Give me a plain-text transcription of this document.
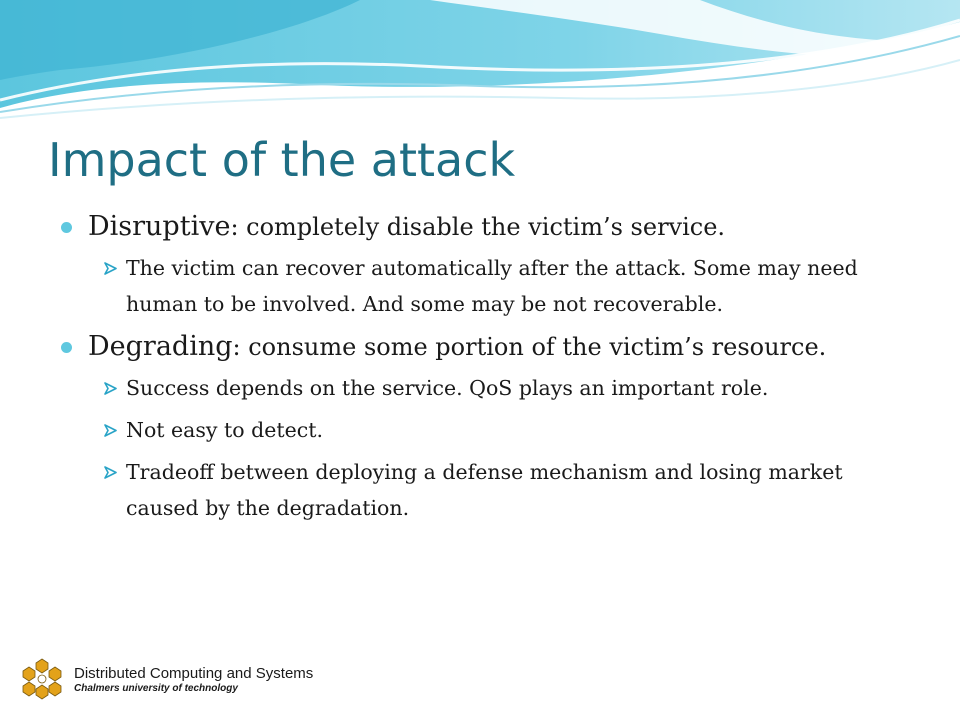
Impact of the attack
Disruptive: completely disable the victim’s service.
The victim can recover automatically after the attack. Some may need human to be involved. And some may be not recoverable.
Degrading: consume some portion of the victim’s resource.
Success depends on the service. QoS plays an important role.
Not easy to detect.
Tradeoff between deploying a defense mechanism and losing market caused by the degradation.

Distributed Computing and Systems

Chalmers university of technology
